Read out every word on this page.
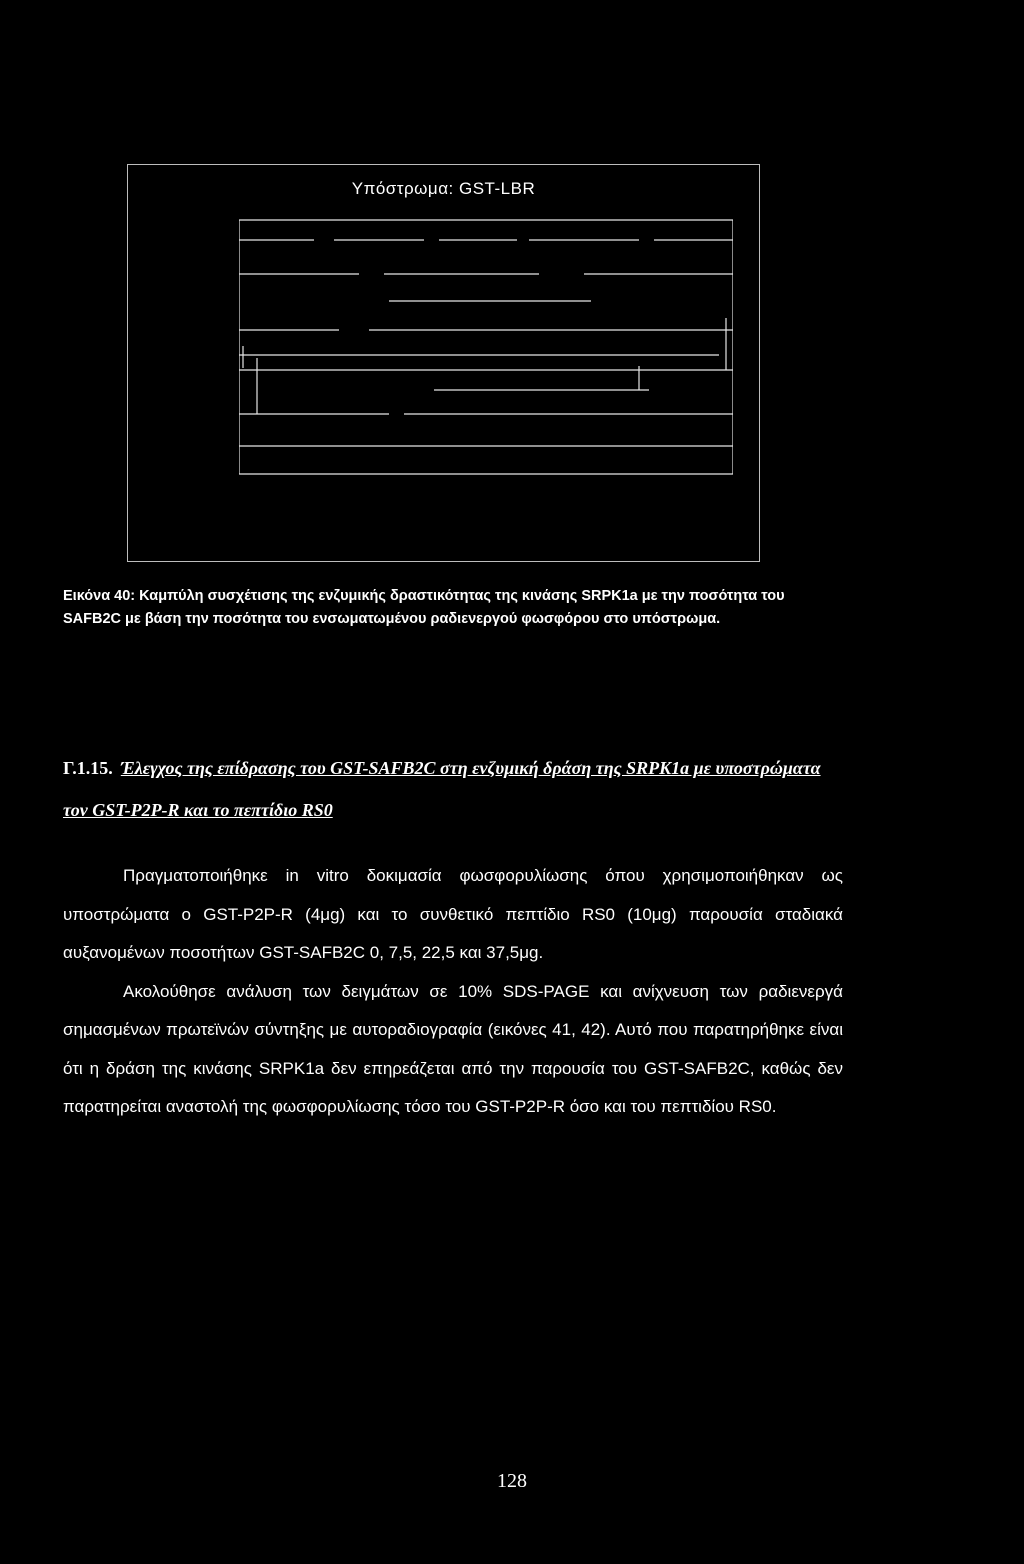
Υπόστρωμα: GST-LBR
Εικόνα 40: Καμπύλη συσχέτισης της ενζυμικής δραστικότητας της κινάσης SRPK1a με την ποσότητα του SAFB2C με βάση την ποσότητα του ενσωματωμένου ραδιενεργού φωσφόρου στο υπόστρωμα.
Γ.1.15. Έλεγχος της επίδρασης του GST-SAFB2C στη ενζυμική δράση της SRPK1a με υποστρώματα τον GST-P2P-R και το πεπτίδιο RS0

Πραγματοποιήθηκε in vitro δοκιμασία φωσφορυλίωσης όπου χρησιμοποιήθηκαν ως υποστρώματα ο GST-P2P-R (4μg) και το συνθετικό πεπτίδιο RS0 (10μg) παρουσία σταδιακά αυξανομένων ποσοτήτων GST-SAFB2C 0, 7,5, 22,5 και 37,5μg.

Ακολούθησε ανάλυση των δειγμάτων σε 10% SDS-PAGE και ανίχνευση των ραδιενεργά σημασμένων πρωτεϊνών σύντηξης με αυτοραδιογραφία (εικόνες 41, 42). Αυτό που παρατηρήθηκε είναι ότι η δράση της κινάσης SRPK1a δεν επηρεάζεται από την παρουσία του GST-SAFB2C, καθώς δεν παρατηρείται αναστολή της φωσφορυλίωσης τόσο του GST-P2P-R όσο και του πεπτιδίου RS0.

128
